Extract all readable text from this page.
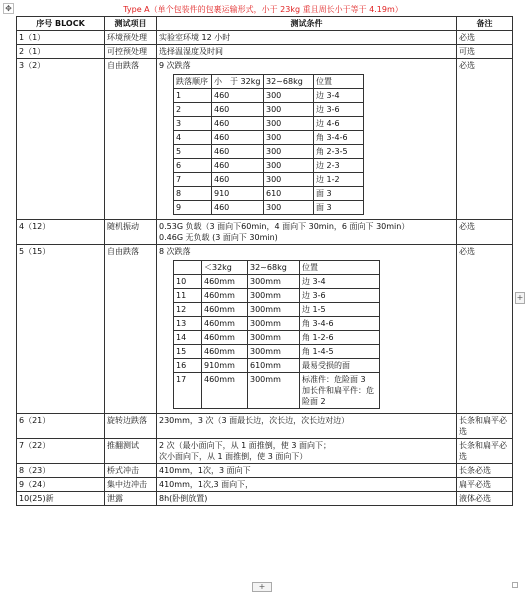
✥	Type A（单个包装件的包裹运输形式，小于 23kg 重且周长小于等于 4.19m）
序号 BLOCK	测试项目	测试条件	备注
1（1）	环境预处理	实验室环境 12 小时	必选
2（1）	可控预处理	选择温湿度及时间	可选
3（2）	自由跌落	9 次跌落
跌落顺序	小　于 32kg	32~68kg	位置
1	460	300	边 3-4
2	460	300	边 3-6
3	460	300	边 4-6
4	460	300	角 3-4-6
5	460	300	角 2-3-5
6	460	300	边 2-3
7	460	300	边 1-2
8	910	610	面 3
9	460	300	面 3
	必选
4（12）	随机振动	0.53G 负载（3 面向下60min，4 面向下 30min，6 面向下 30min）
0.46G 无负载 (3 面向下 30min)
	必选
5（15）	自由跌落	8 次跌落
	＜32kg	32~68kg	位置
10	460mm	300mm	边 3-4
11	460mm	300mm	边 3-6
12	460mm	300mm	边 1-5
13	460mm	300mm	角 3-4-6
14	460mm	300mm	角 1-2-6
15	460mm	300mm	角 1-4-5
16	910mm	610mm	最易受损的面
17	460mm	300mm	标准件：危险面 3
加长件和扁平件：危险面 2
	必选
6（21）	旋转边跌落	230mm，3 次（3 面最长边，次长边，次长边对边）	长条和扁平必选
7（22）	推翻测试	2 次（最小面向下，从 1 面推倒，使 3 面向下；
次小面向下，从 1 面推倒，使 3 面向下）
	长条和扁平必选
8（23）	桥式冲击	410mm，1次，3 面向下	长条必选
9（24）	集中边冲击	410mm，1次,3 面向下，	扁平必选
10(25)新	泄露	8h(卧倒放置)	液体必选
+
+
